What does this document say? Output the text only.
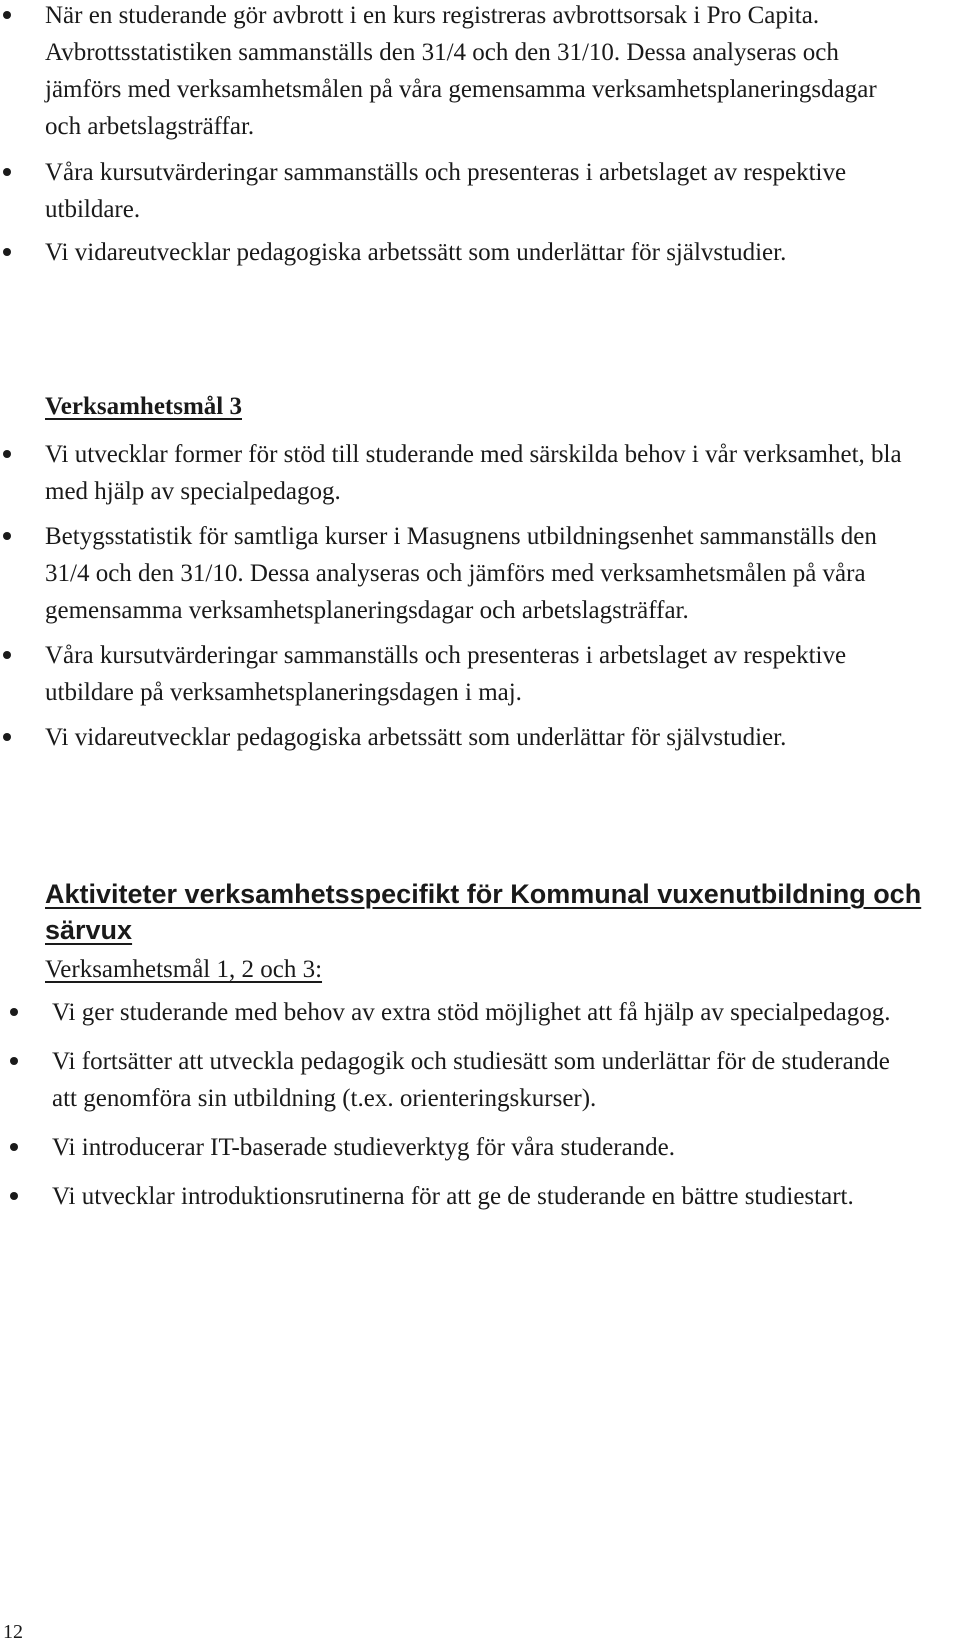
När en studerande gör avbrott i en kurs registreras avbrottsorsak i Pro Capita. Avbrottsstatistiken sammanställs den 31/4 och den 31/10. Dessa analyseras och jämförs med verksamhetsmålen på våra gemensamma verksamhetsplaneringsdagar och arbetslagsträffar.
Våra kursutvärderingar sammanställs och presenteras i arbetslaget av respektive utbildare.
Vi vidareutvecklar pedagogiska arbetssätt som underlättar för självstudier.
Verksamhetsmål 3
Vi utvecklar former för stöd till studerande med särskilda behov i vår verksamhet, bla med hjälp av specialpedagog.
Betygsstatistik för samtliga kurser i Masugnens utbildningsenhet sammanställs den 31/4 och den 31/10. Dessa analyseras och jämförs med verksamhetsmålen på våra gemensamma verksamhetsplaneringsdagar och arbetslagsträffar.
Våra kursutvärderingar sammanställs och presenteras i arbetslaget av respektive utbildare på verksamhetsplaneringsdagen i maj.
Vi vidareutvecklar pedagogiska arbetssätt som underlättar för självstudier.
Aktiviteter verksamhetsspecifikt för Kommunal vuxenutbildning och särvux
Verksamhetsmål 1, 2 och 3:
Vi ger studerande med behov av extra stöd möjlighet att få hjälp av specialpedagog.
Vi fortsätter att utveckla pedagogik och studiesätt som underlättar för de studerande att genomföra sin utbildning (t.ex. orienteringskurser).
Vi introducerar IT-baserade studieverktyg för våra studerande.
Vi utvecklar introduktionsrutinerna för att ge de studerande en bättre studiestart.
12
